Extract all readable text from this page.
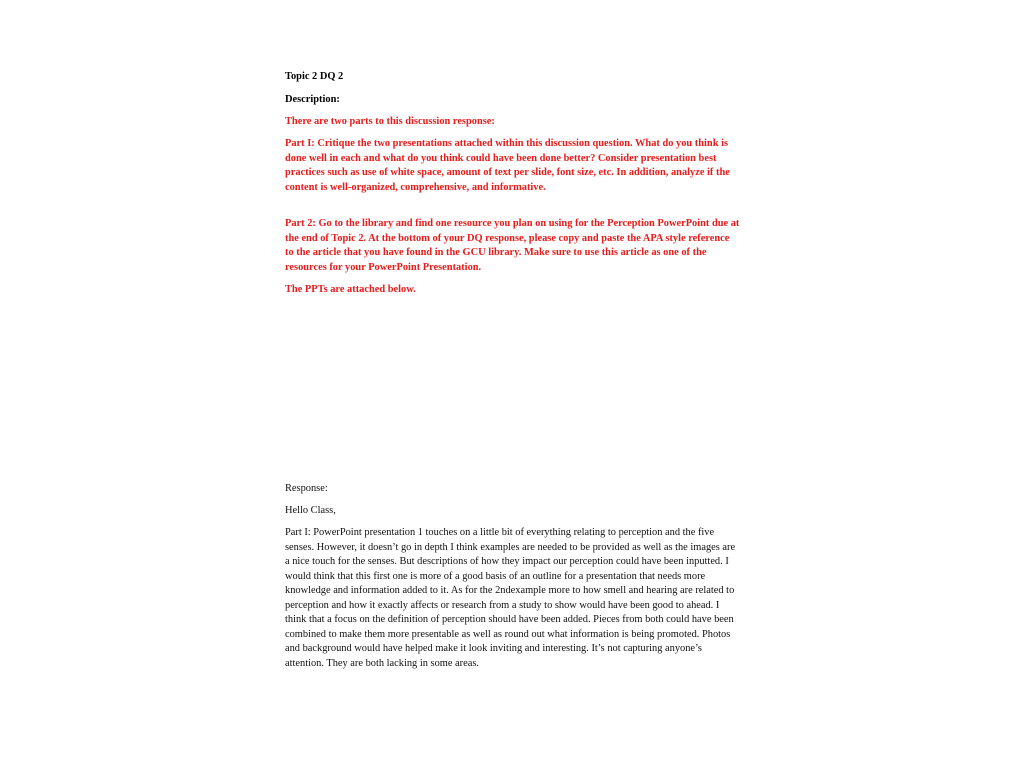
Topic 2 DQ 2

Description:

There are two parts to this discussion response:

Part I: Critique the two presentations attached within this discussion question. What do you think is done well in each and what do you think could have been done better? Consider presentation best practices such as use of white space, amount of text per slide, font size, etc. In addition, analyze if the content is well-organized, comprehensive, and informative.

Part 2: Go to the library and find one resource you plan on using for the Perception PowerPoint due at the end of Topic 2. At the bottom of your DQ response, please copy and paste the APA style reference to the article that you have found in the GCU library. Make sure to use this article as one of the resources for your PowerPoint Presentation.

The PPTs are attached below.

Response:

Hello Class,

Part I: PowerPoint presentation 1 touches on a little bit of everything relating to perception and the five senses. However, it doesn’t go in depth I think examples are needed to be provided as well as the images are a nice touch for the senses. But descriptions of how they impact our perception could have been inputted. I would think that this first one is more of a good basis of an outline for a presentation that needs more knowledge and information added to it. As for the 2ndexample more to how smell and hearing are related to perception and how it exactly affects or research from a study to show would have been good to ahead. I think that a focus on the definition of perception should have been added. Pieces from both could have been combined to make them more presentable as well as round out what information is being promoted. Photos and background would have helped make it look inviting and interesting. It’s not capturing anyone’s attention. They are both lacking in some areas.
